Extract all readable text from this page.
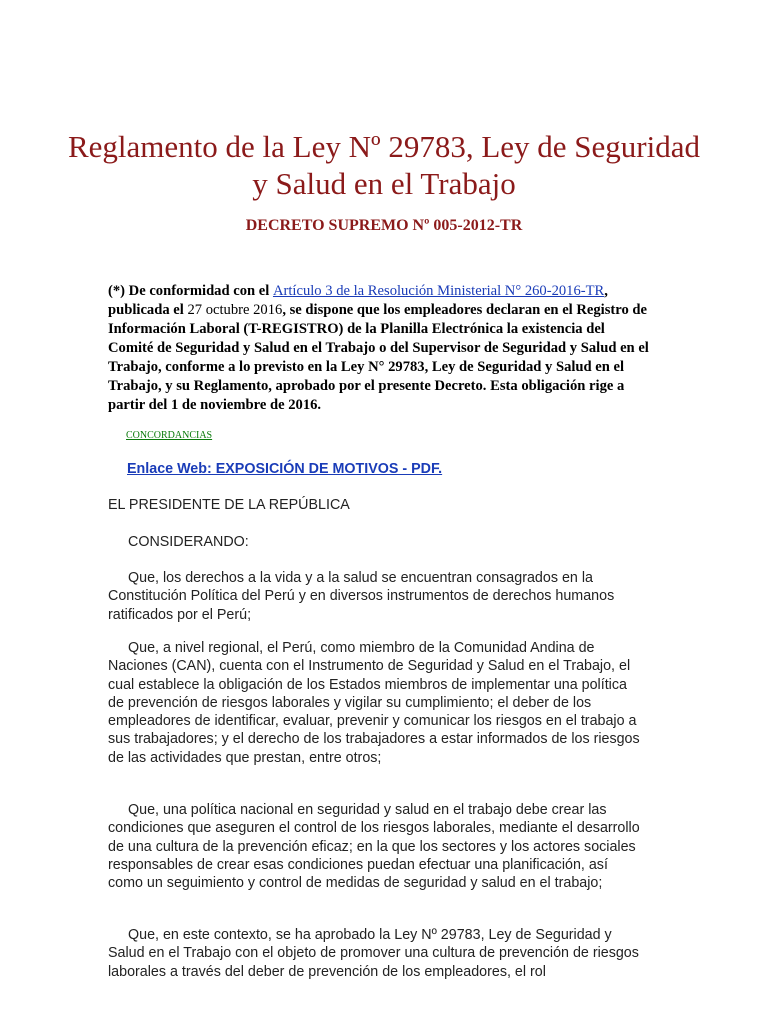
Reglamento de la Ley Nº 29783, Ley de Seguridad y Salud en el Trabajo
DECRETO SUPREMO Nº 005-2012-TR

(*) De conformidad con el Artículo 3 de la Resolución Ministerial N° 260-2016-TR, publicada el 27 octubre 2016, se dispone que los empleadores declaran en el Registro de Información Laboral (T-REGISTRO) de la Planilla Electrónica la existencia del Comité de Seguridad y Salud en el Trabajo o del Supervisor de Seguridad y Salud en el Trabajo, conforme a lo previsto en la Ley N° 29783, Ley de Seguridad y Salud en el Trabajo, y su Reglamento, aprobado por el presente Decreto. Esta obligación rige a partir del 1 de noviembre de 2016.

CONCORDANCIAS
Enlace Web: EXPOSICIÓN DE MOTIVOS - PDF.

EL PRESIDENTE DE LA REPÚBLICA

CONSIDERANDO:

Que, los derechos a la vida y a la salud se encuentran consagrados en la Constitución Política del Perú y en diversos instrumentos de derechos humanos ratificados por el Perú;

Que, a nivel regional, el Perú, como miembro de la Comunidad Andina de Naciones (CAN), cuenta con el Instrumento de Seguridad y Salud en el Trabajo, el cual establece la obligación de los Estados miembros de implementar una política de prevención de riesgos laborales y vigilar su cumplimiento; el deber de los empleadores de identificar, evaluar, prevenir y comunicar los riesgos en el trabajo a sus trabajadores; y el derecho de los trabajadores a estar informados de los riesgos de las actividades que prestan, entre otros;

Que, una política nacional en seguridad y salud en el trabajo debe crear las condiciones que aseguren el control de los riesgos laborales, mediante el desarrollo de una cultura de la prevención eficaz; en la que los sectores y los actores sociales responsables de crear esas condiciones puedan efectuar una planificación, así como un seguimiento y control de medidas de seguridad y salud en el trabajo;

Que, en este contexto, se ha aprobado la Ley Nº 29783, Ley de Seguridad y Salud en el Trabajo con el objeto de promover una cultura de prevención de riesgos laborales a través del deber de prevención de los empleadores, el rol
